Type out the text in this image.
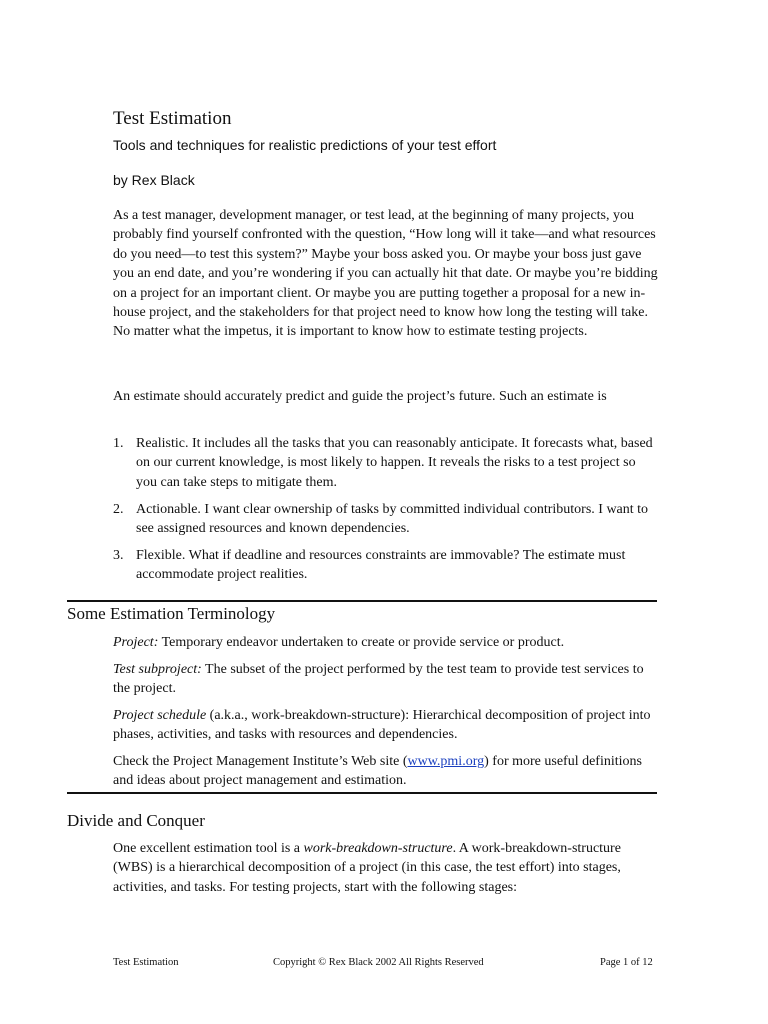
Test Estimation
Tools and techniques for realistic predictions of your test effort
by Rex Black
As a test manager, development manager, or test lead, at the beginning of many projects, you probably find yourself confronted with the question, “How long will it take—and what resources do you need—to test this system?” Maybe your boss asked you. Or maybe your boss just gave you an end date, and you’re wondering if you can actually hit that date. Or maybe you’re bidding on a project for an important client. Or maybe you are putting together a proposal for a new in-house project, and the stakeholders for that project need to know how long the testing will take. No matter what the impetus, it is important to know how to estimate testing projects.
An estimate should accurately predict and guide the project’s future. Such an estimate is
1. Realistic. It includes all the tasks that you can reasonably anticipate. It forecasts what, based on our current knowledge, is most likely to happen. It reveals the risks to a test project so you can take steps to mitigate them.
2. Actionable. I want clear ownership of tasks by committed individual contributors. I want to see assigned resources and known dependencies.
3. Flexible. What if deadline and resources constraints are immovable? The estimate must accommodate project realities.
Some Estimation Terminology
Project: Temporary endeavor undertaken to create or provide service or product.
Test subproject: The subset of the project performed by the test team to provide test services to the project.
Project schedule (a.k.a., work-breakdown-structure): Hierarchical decomposition of project into phases, activities, and tasks with resources and dependencies.
Check the Project Management Institute’s Web site (www.pmi.org) for more useful definitions and ideas about project management and estimation.
Divide and Conquer
One excellent estimation tool is a work-breakdown-structure. A work-breakdown-structure (WBS) is a hierarchical decomposition of a project (in this case, the test effort) into stages, activities, and tasks. For testing projects, start with the following stages:
Test Estimation	Copyright © Rex Black 2002 All Rights Reserved	Page 1 of 12
